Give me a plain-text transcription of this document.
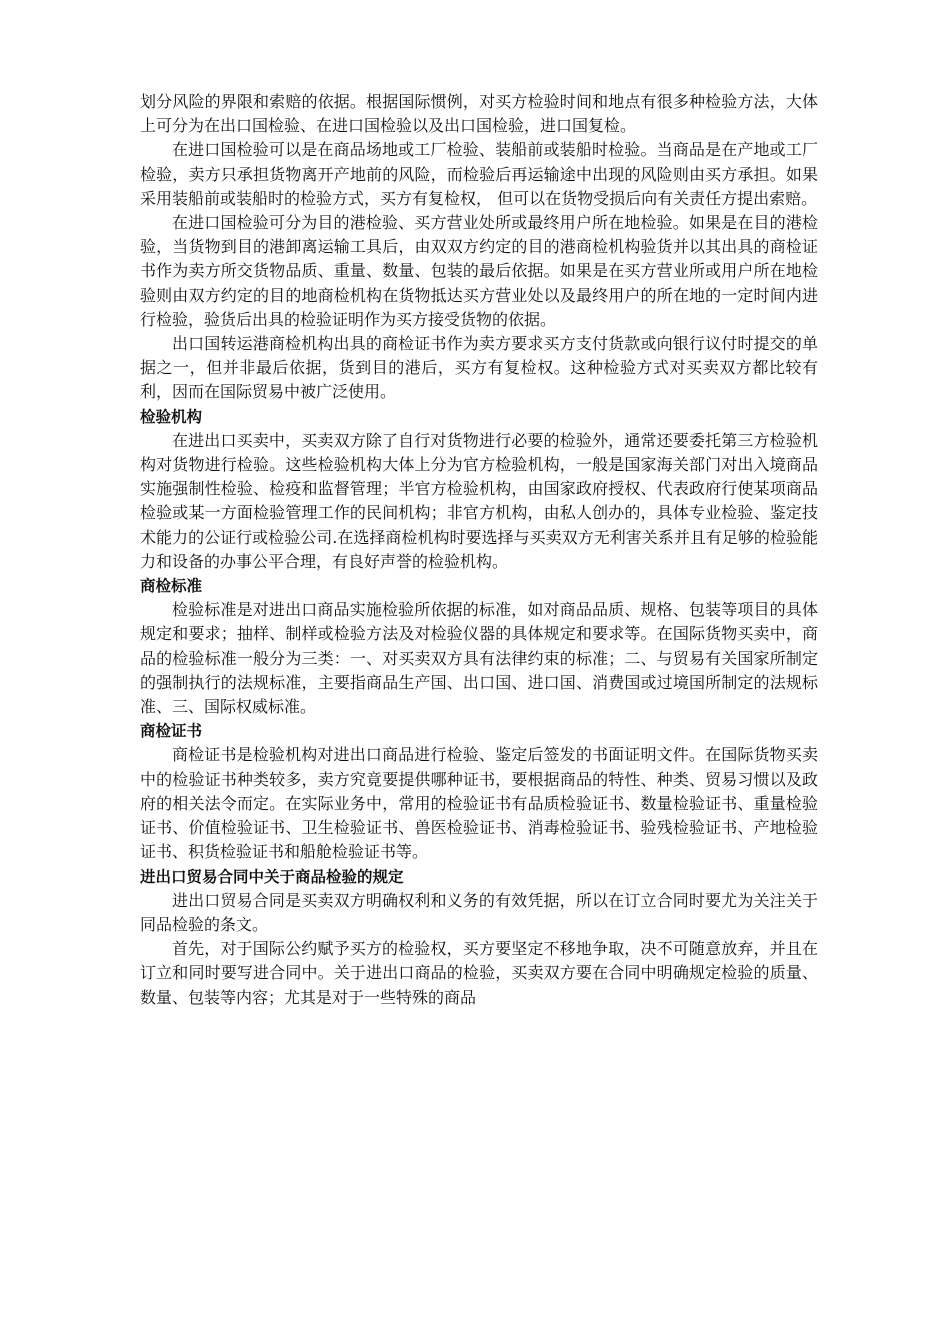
划分风险的界限和索赔的依据。根据国际惯例，对买方检验时间和地点有很多种检验方法，大体上可分为在出口国检验、在进口国检验以及出口国检验，进口国复检。

在进口国检验可以是在商品场地或工厂检验、装船前或装船时检验。当商品是在产地或工厂检验，卖方只承担货物离开产地前的风险，而检验后再运输途中出现的风险则由买方承担。如果采用装船前或装船时的检验方式，买方有复检权， 但可以在货物受损后向有关责任方提出索赔。

在进口国检验可分为目的港检验、买方营业处所或最终用户所在地检验。如果是在目的港检验，当货物到目的港卸离运输工具后，由双双方约定的目的港商检机构验货并以其出具的商检证书作为卖方所交货物品质、重量、数量、包装的最后依据。如果是在买方营业所或用户所在地检验则由双方约定的目的地商检机构在货物抵达买方营业处以及最终用户的所在地的一定时间内进行检验，验货后出具的检验证明作为买方接受货物的依据。

出口国转运港商检机构出具的商检证书作为卖方要求买方支付货款或向银行议付时提交的单据之一，但并非最后依据，货到目的港后，买方有复检权。这种检验方式对买卖双方都比较有利，因而在国际贸易中被广泛使用。

检验机构

在进出口买卖中，买卖双方除了自行对货物进行必要的检验外，通常还要委托第三方检验机构对货物进行检验。这些检验机构大体上分为官方检验机构，一般是国家海关部门对出入境商品实施强制性检验、检疫和监督管理；半官方检验机构，由国家政府授权、代表政府行使某项商品检验或某一方面检验管理工作的民间机构；非官方机构，由私人创办的，具体专业检验、鉴定技术能力的公证行或检验公司.在选择商检机构时要选择与买卖双方无利害关系并且有足够的检验能力和设备的办事公平合理，有良好声誉的检验机构。

商检标准

检验标准是对进出口商品实施检验所依据的标准，如对商品品质、规格、包装等项目的具体规定和要求；抽样、制样或检验方法及对检验仪器的具体规定和要求等。在国际货物买卖中，商品的检验标准一般分为三类：一、对买卖双方具有法律约束的标准；二、与贸易有关国家所制定的强制执行的法规标准，主要指商品生产国、出口国、进口国、消费国或过境国所制定的法规标准、三、国际权威标准。

商检证书

商检证书是检验机构对进出口商品进行检验、鉴定后签发的书面证明文件。在国际货物买卖中的检验证书种类较多，卖方究竟要提供哪种证书，要根据商品的特性、种类、贸易习惯以及政府的相关法令而定。在实际业务中，常用的检验证书有品质检验证书、数量检验证书、重量检验证书、价值检验证书、卫生检验证书、兽医检验证书、消毒检验证书、验残检验证书、产地检验证书、积货检验证书和船舱检验证书等。

进出口贸易合同中关于商品检验的规定

进出口贸易合同是买卖双方明确权利和义务的有效凭据，所以在订立合同时要尤为关注关于同品检验的条文。

首先，对于国际公约赋予买方的检验权，买方要坚定不移地争取，决不可随意放弃，并且在订立和同时要写进合同中。关于进出口商品的检验，买卖双方要在合同中明确规定检验的质量、数量、包装等内容；尤其是对于一些特殊的商品
